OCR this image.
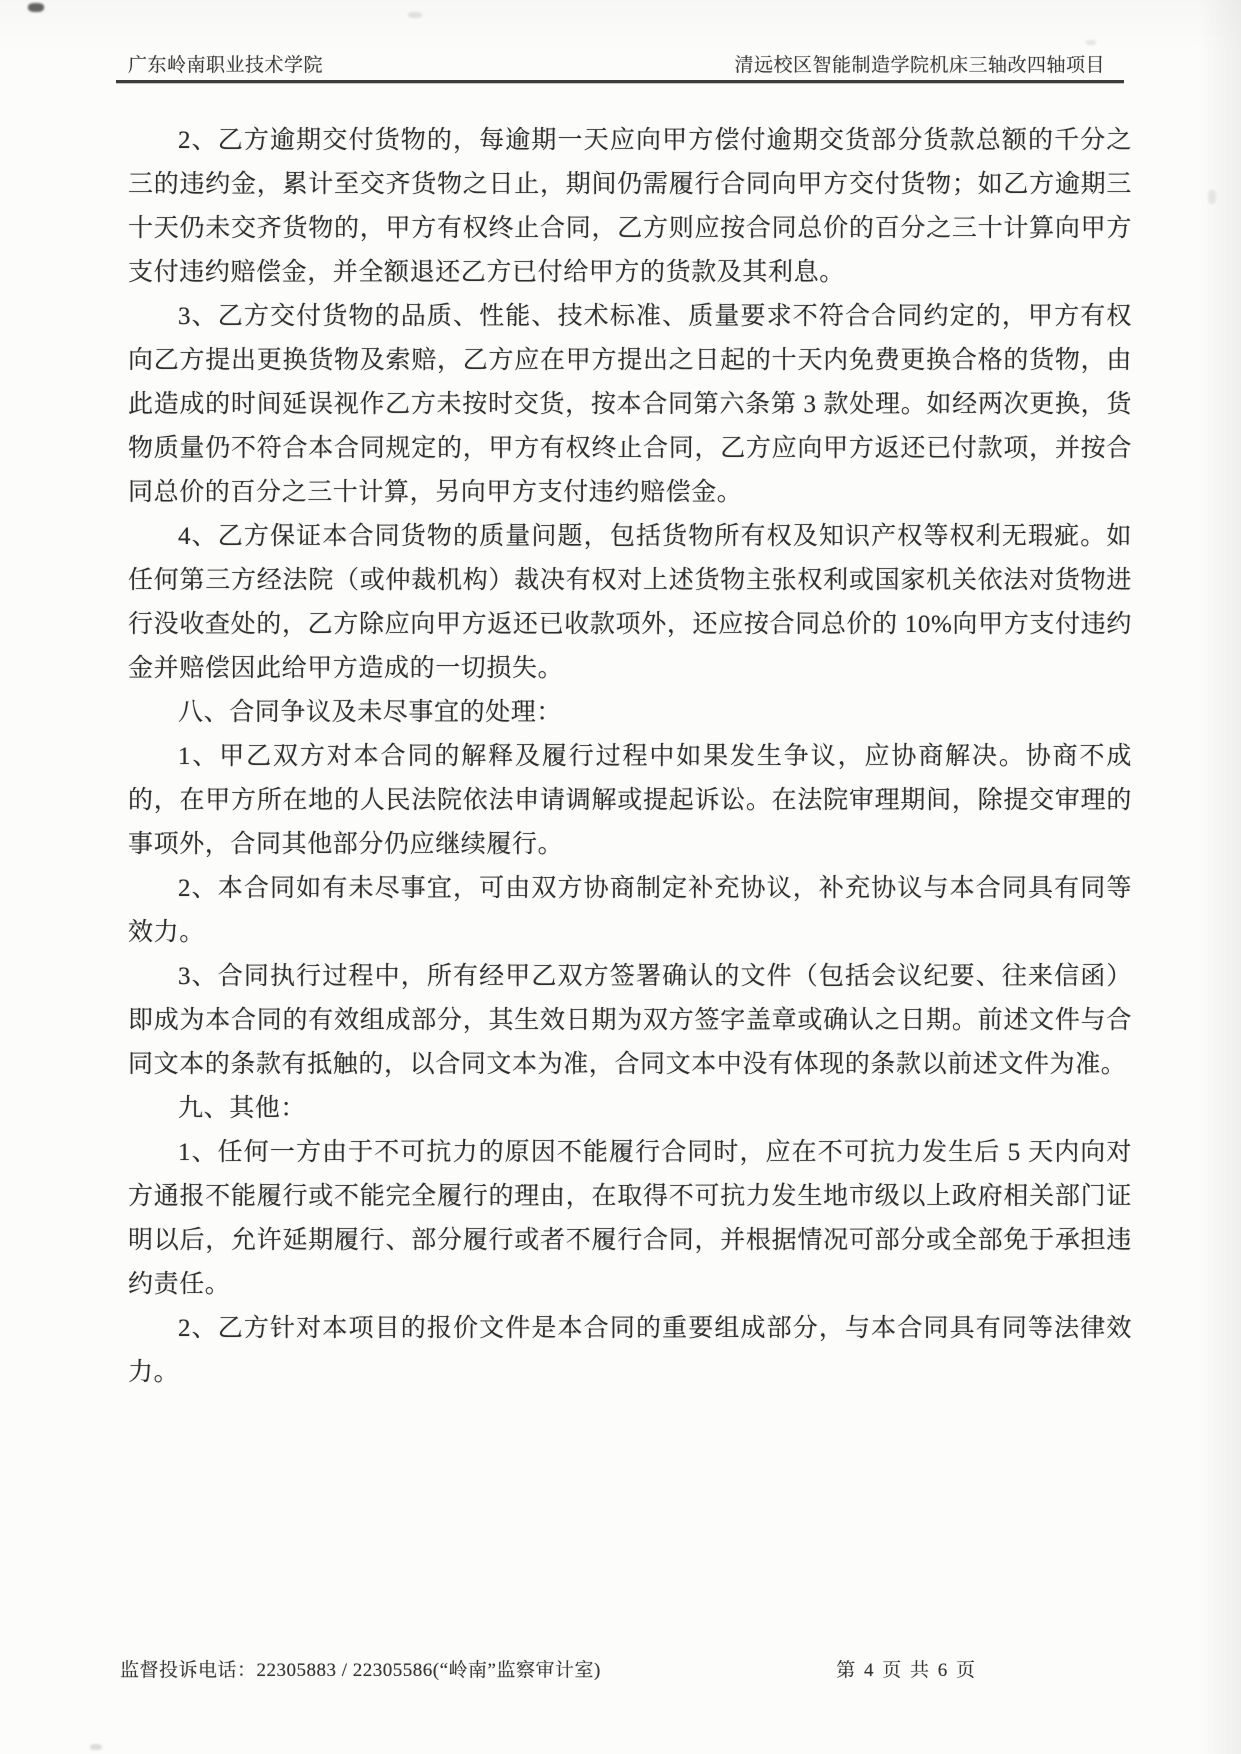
广东岭南职业技术学院	清远校区智能制造学院机床三轴改四轴项目

2、乙方逾期交付货物的，每逾期一天应向甲方偿付逾期交货部分货款总额的千分之三的违约金，累计至交齐货物之日止，期间仍需履行合同向甲方交付货物；如乙方逾期三十天仍未交齐货物的，甲方有权终止合同，乙方则应按合同总价的百分之三十计算向甲方支付违约赔偿金，并全额退还乙方已付给甲方的货款及其利息。

3、乙方交付货物的品质、性能、技术标准、质量要求不符合合同约定的，甲方有权向乙方提出更换货物及索赔，乙方应在甲方提出之日起的十天内免费更换合格的货物，由此造成的时间延误视作乙方未按时交货，按本合同第六条第 3 款处理。如经两次更换，货物质量仍不符合本合同规定的，甲方有权终止合同，乙方应向甲方返还已付款项，并按合同总价的百分之三十计算，另向甲方支付违约赔偿金。

4、乙方保证本合同货物的质量问题，包括货物所有权及知识产权等权利无瑕疵。如任何第三方经法院（或仲裁机构）裁决有权对上述货物主张权利或国家机关依法对货物进行没收查处的，乙方除应向甲方返还已收款项外，还应按合同总价的 10%向甲方支付违约金并赔偿因此给甲方造成的一切损失。

八、合同争议及未尽事宜的处理：

1、甲乙双方对本合同的解释及履行过程中如果发生争议，应协商解决。协商不成的，在甲方所在地的人民法院依法申请调解或提起诉讼。在法院审理期间，除提交审理的事项外，合同其他部分仍应继续履行。

2、本合同如有未尽事宜，可由双方协商制定补充协议，补充协议与本合同具有同等效力。

3、合同执行过程中，所有经甲乙双方签署确认的文件（包括会议纪要、往来信函）即成为本合同的有效组成部分，其生效日期为双方签字盖章或确认之日期。前述文件与合同文本的条款有抵触的，以合同文本为准，合同文本中没有体现的条款以前述文件为准。

九、其他：

1、任何一方由于不可抗力的原因不能履行合同时，应在不可抗力发生后 5 天内向对方通报不能履行或不能完全履行的理由，在取得不可抗力发生地市级以上政府相关部门证明以后，允许延期履行、部分履行或者不履行合同，并根据情况可部分或全部免于承担违约责任。

2、乙方针对本项目的报价文件是本合同的重要组成部分，与本合同具有同等法律效力。

监督投诉电话：22305883 / 22305586(“岭南”监察审计室)	第 4 页 共 6 页
